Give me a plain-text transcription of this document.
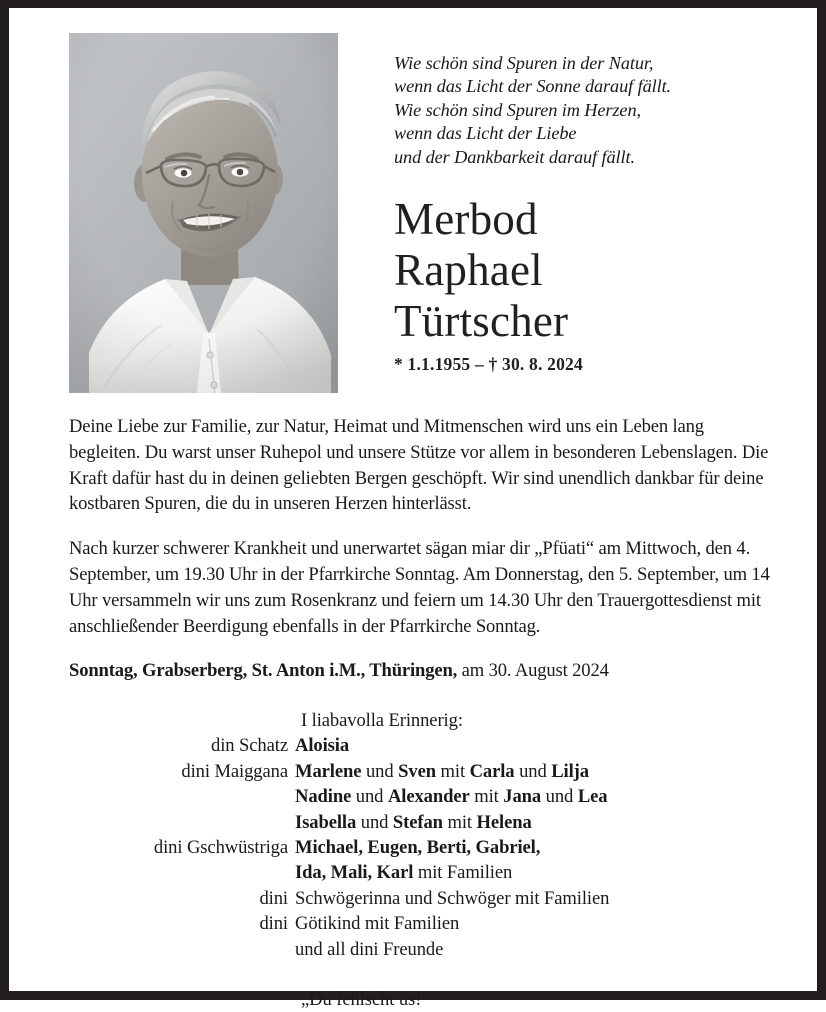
Wie schön sind Spuren in der Natur,
wenn das Licht der Sonne darauf fällt.
Wie schön sind Spuren im Herzen,
wenn das Licht der Liebe
und der Dankbarkeit darauf fällt.
Merbod
Raphael
Türtscher
* 1.1.1955 – † 30. 8. 2024

Deine Liebe zur Familie, zur Natur, Heimat und Mitmenschen wird uns ein Leben lang begleiten. Du warst unser Ruhepol und unsere Stütze vor allem in besonderen Lebenslagen. Die Kraft dafür hast du in deinen geliebten Bergen geschöpft. Wir sind unendlich dankbar für deine kostbaren Spuren, die du in unseren Herzen hinterlässt.

Nach kurzer schwerer Krankheit und unerwartet sägan miar dir „Pfüati“ am Mittwoch, den 4. September, um 19.30 Uhr in der Pfarrkirche Sonntag. Am Donnerstag, den 5. September, um 14 Uhr versammeln wir uns zum Rosenkranz und feiern um 14.30 Uhr den Trauergottesdienst mit anschließender Beerdigung ebenfalls in der Pfarrkirche Sonntag.

Sonntag, Grabserberg, St. Anton i.M., Thüringen, am 30. August 2024

I liabavolla Erinnerig:
din Schatz Aloisia
dini Maiggana Marlene und Sven mit Carla und Lilja
Nadine und Alexander mit Jana und Lea
Isabella und Stefan mit Helena
dini Gschwüstriga Michael, Eugen, Berti, Gabriel,
Ida, Mali, Karl mit Familien
dini Schwögerinna und Schwöger mit Familien
dini Götikind mit Familien
und all dini Freunde
„Du fehlscht üs!“
